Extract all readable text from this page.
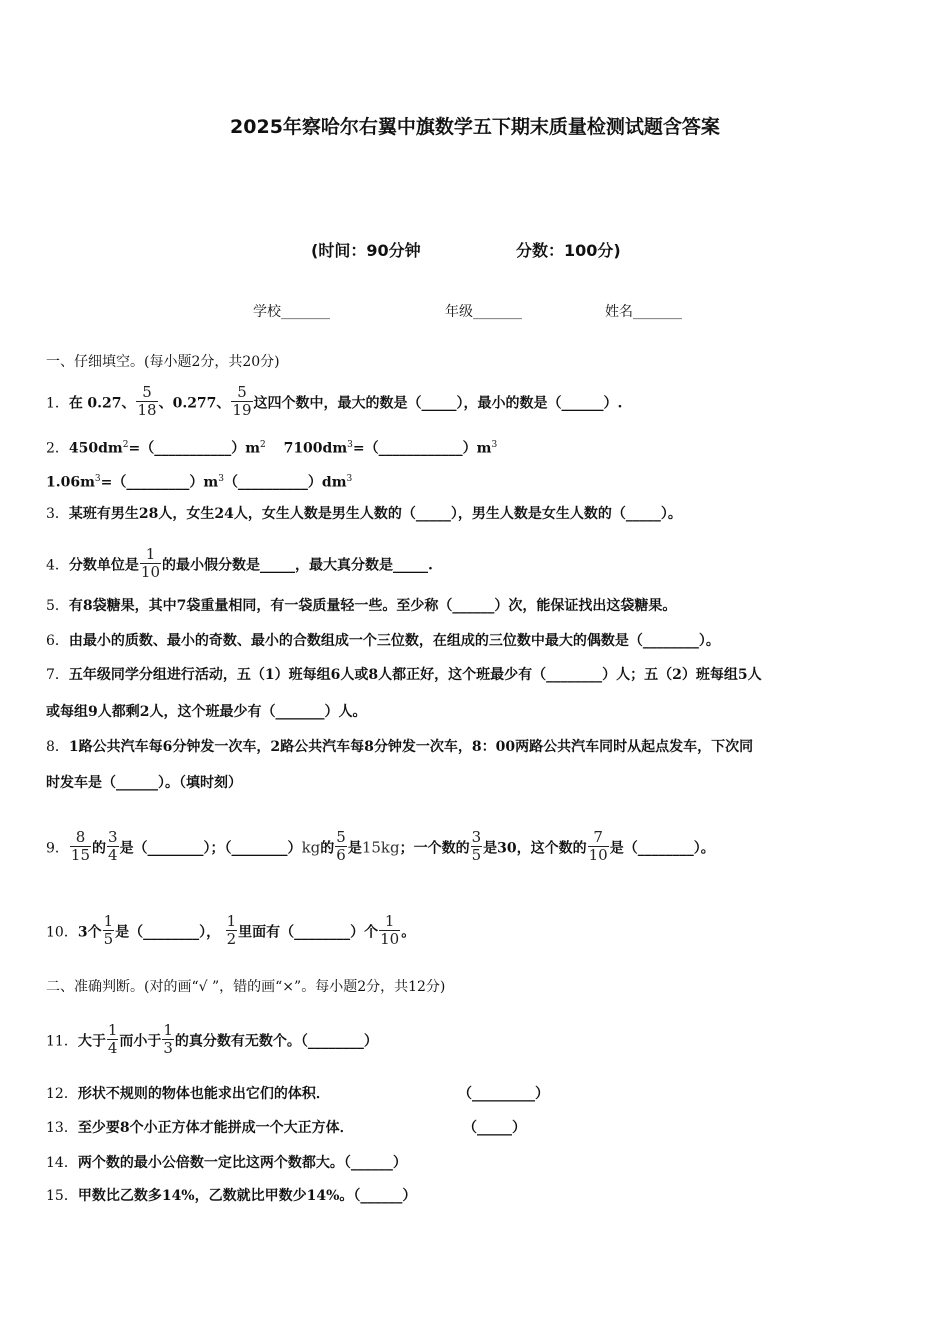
2025年察哈尔右翼中旗数学五下期末质量检测试题含答案
(时间：90分钟	分数：100分)
学校_______	年级_______	姓名_______
一、仔细填空。(每小题2分，共20分)
1．在 0.27、 $\frac{5}{18}$ 、0.277、 $\frac{5}{19}$ 这四个数中，最大的数是（_____），最小的数是（______）.
2．$450dm^2=(\_\_\_\_\_\_\_\_\_\_\_)m^2$ $7100dm^3=(\_\_\_\_\_\_\_\_\_\_\_\_)m^3$
$1.06m^3=(\_\_\_\_\_\_\_\_\_)m^3(\_\_\_\_\_\_\_\_\_\_)dm^3$
3．某班有男生28人，女生24人，女生人数是男生人数的（_____），男生人数是女生人数的（_____）。
4．分数单位是 $\frac{1}{10}$ 的最小假分数是_____，最大真分数是_____.
5．有8袋糖果，其中7袋重量相同，有一袋质量轻一些。至少称（______）次，能保证找出这袋糖果。
6．由最小的质数、最小的奇数、最小的合数组成一个三位数，在组成的三位数中最大的偶数是（________）。
7．五年级同学分组进行活动，五（1）班每组6人或8人都正好，这个班最少有（________）人；五（2）班每组5人
或每组9人都剩2人，这个班最少有（_______）人。
8．1路公共汽车每6分钟发一次车，2路公共汽车每8分钟发一次车，8：00两路公共汽车同时从起点发车，下次同
时发车是（______）。（填时刻）
9． $\frac{8}{15}$ 的 $\frac{3}{4}$ 是（________）；（________）kg的 $\frac{5}{6}$ 是15kg；一个数的 $\frac{3}{5}$ 是30，这个数的 $\frac{7}{10}$ 是（________）。
10．3个 $\frac{1}{5}$ 是（________）， $\frac{1}{2}$ 里面有（________）个 $\frac{1}{10}$ 。
二、准确判断。(对的画“√ ”，错的画“×”。每小题2分，共12分)
11．大于 $\frac{1}{4}$ 而小于 $\frac{1}{3}$ 的真分数有无数个。（________）
12．形状不规则的物体也能求出它们的体积．	（_________）
13．至少要8个小正方体才能拼成一个大正方体．	（_____）
14．两个数的最小公倍数一定比这两个数都大。（______）
15．甲数比乙数多14%，乙数就比甲数少14%。（______）
